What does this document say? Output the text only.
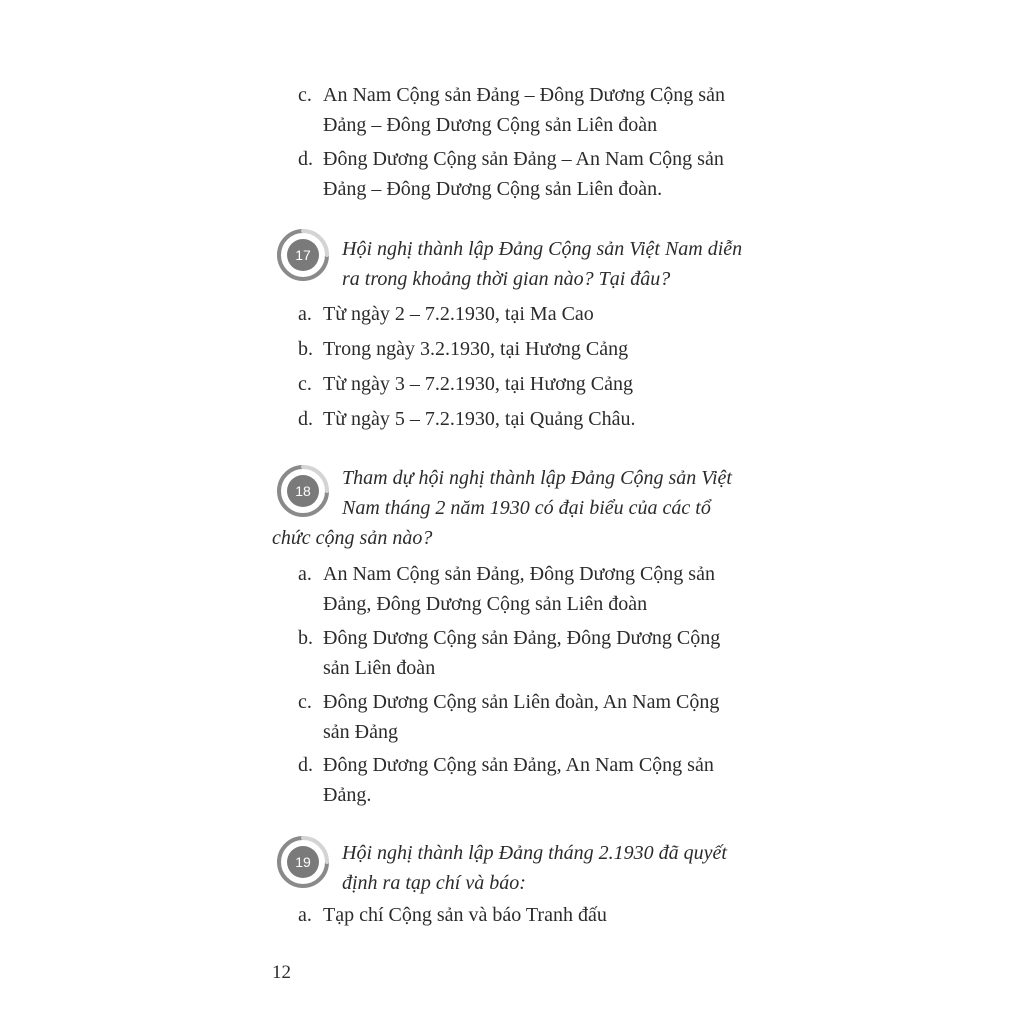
c. An Nam Cộng sản Đảng – Đông Dương Cộng sản
Đảng – Đông Dương Cộng sản Liên đoàn
d. Đông Dương Cộng sản Đảng – An Nam Cộng sản
Đảng – Đông Dương Cộng sản Liên đoàn.
17	Hội nghị thành lập Đảng Cộng sản Việt Nam diễn
ra trong khoảng thời gian nào? Tại đâu?
a. Từ ngày 2 – 7.2.1930, tại Ma Cao
b. Trong ngày 3.2.1930, tại Hương Cảng
c. Từ ngày 3 – 7.2.1930, tại Hương Cảng
d. Từ ngày 5 – 7.2.1930, tại Quảng Châu.
18
Tham dự hội nghị thành lập Đảng Cộng sản Việt
Nam tháng 2 năm 1930 có đại biểu của các tổ
chức cộng sản nào?
a. An Nam Cộng sản Đảng, Đông Dương Cộng sản
Đảng, Đông Dương Cộng sản Liên đoàn
b. Đông Dương Cộng sản Đảng, Đông Dương Cộng
sản Liên đoàn
c. Đông Dương Cộng sản Liên đoàn, An Nam Cộng
sản Đảng
d. Đông Dương Cộng sản Đảng, An Nam Cộng sản
Đảng.
19	Hội nghị thành lập Đảng tháng 2.1930 đã quyết
định ra tạp chí và báo:
a. Tạp chí Cộng sản và báo Tranh đấu
12
